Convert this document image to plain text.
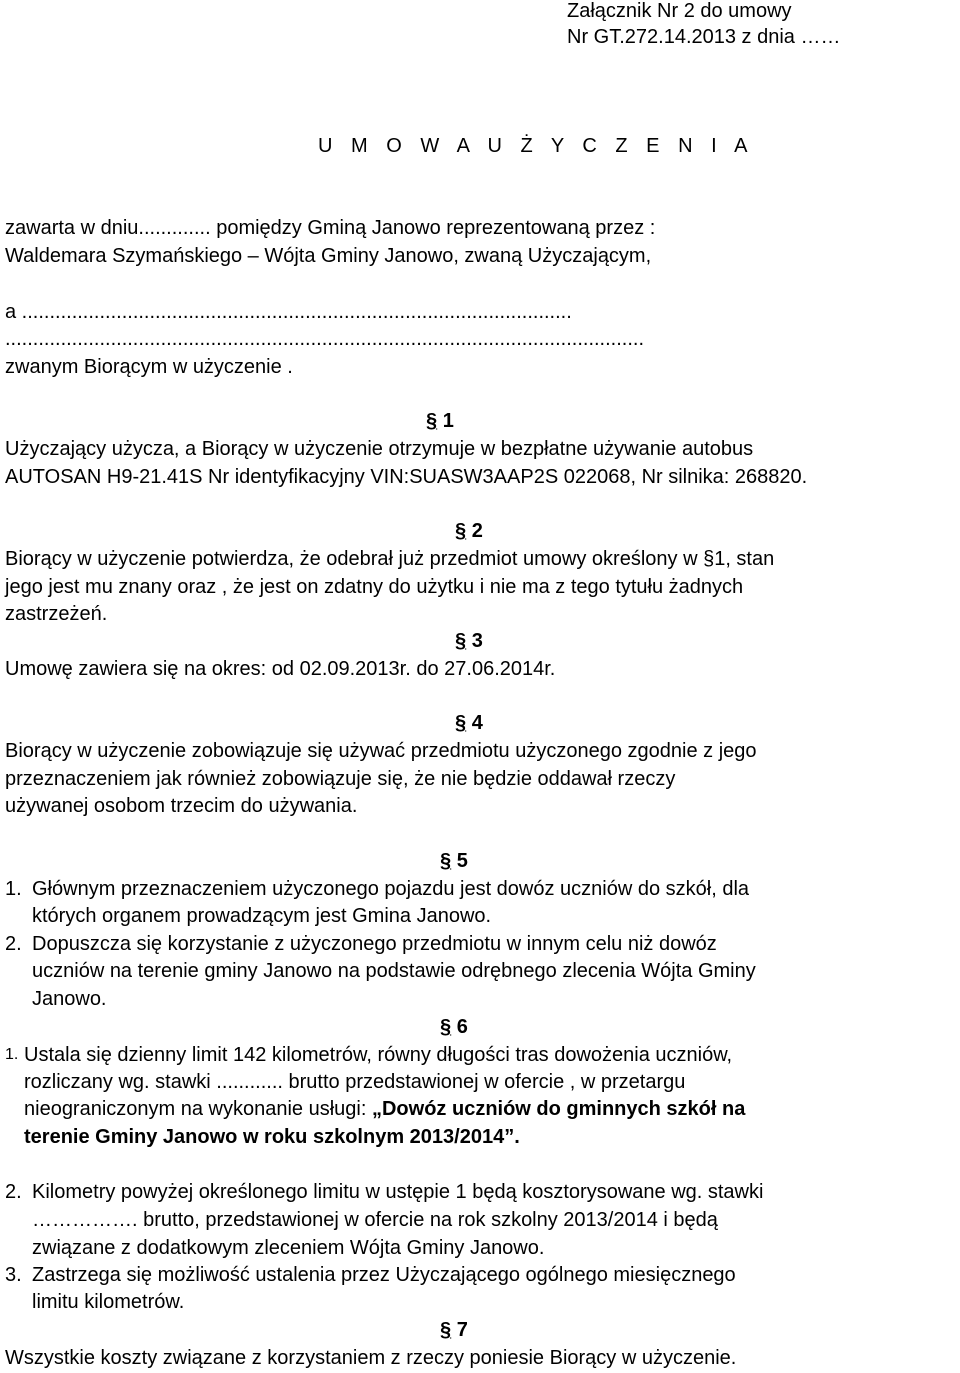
Załącznik Nr 2 do umowy
Nr GT.272.14.2013 z dnia ……
U M O W A U Ż Y C Z E N I A
zawarta w dniu............. pomiędzy Gminą Janowo reprezentowaną przez :
Waldemara Szymańskiego – Wójta Gminy Janowo, zwaną Użyczającym,
a ...................................................................................................
...................................................................................................................
zwanym Biorącym w użyczenie .
§ 1
Użyczający użycza, a Biorący w użyczenie otrzymuje w bezpłatne używanie autobus
AUTOSAN H9-21.41S Nr identyfikacyjny VIN:SUASW3AAP2S 022068, Nr silnika: 268820.
§ 2
Biorący w użyczenie potwierdza, że odebrał już przedmiot umowy określony w §1, stan
jego jest mu znany oraz , że jest on zdatny do użytku i nie ma z tego tytułu żadnych
zastrzeżeń.
§ 3
Umowę zawiera się na okres: od 02.09.2013r. do 27.06.2014r.
§ 4
Biorący w użyczenie zobowiązuje się używać przedmiotu użyczonego zgodnie z jego
przeznaczeniem jak również zobowiązuje się, że nie będzie oddawał rzeczy
używanej osobom trzecim do używania.
§ 5
1. Głównym przeznaczeniem użyczonego pojazdu jest dowóz uczniów do szkół, dla
których organem prowadzącym jest Gmina Janowo.
2. Dopuszcza się korzystanie z użyczonego przedmiotu w innym celu niż dowóz
uczniów na terenie gminy Janowo na podstawie odrębnego zlecenia Wójta Gminy
Janowo.
§ 6
1. Ustala się dzienny limit 142 kilometrów, równy długości tras dowożenia uczniów,
rozliczany wg. stawki ............ brutto przedstawionej w ofercie , w przetargu
nieograniczonym na wykonanie usługi: „Dowóz uczniów do gminnych szkół na
terenie Gminy Janowo w roku szkolnym 2013/2014”.
2. Kilometry powyżej określonego limitu w ustępie 1 będą kosztorysowane wg. stawki
……………. brutto, przedstawionej w ofercie na rok szkolny 2013/2014 i będą
związane z dodatkowym zleceniem Wójta Gminy Janowo.
3. Zastrzega się możliwość ustalenia przez Użyczającego ogólnego miesięcznego
limitu kilometrów.
§ 7
Wszystkie koszty związane z korzystaniem z rzeczy poniesie Biorący w użyczenie.
